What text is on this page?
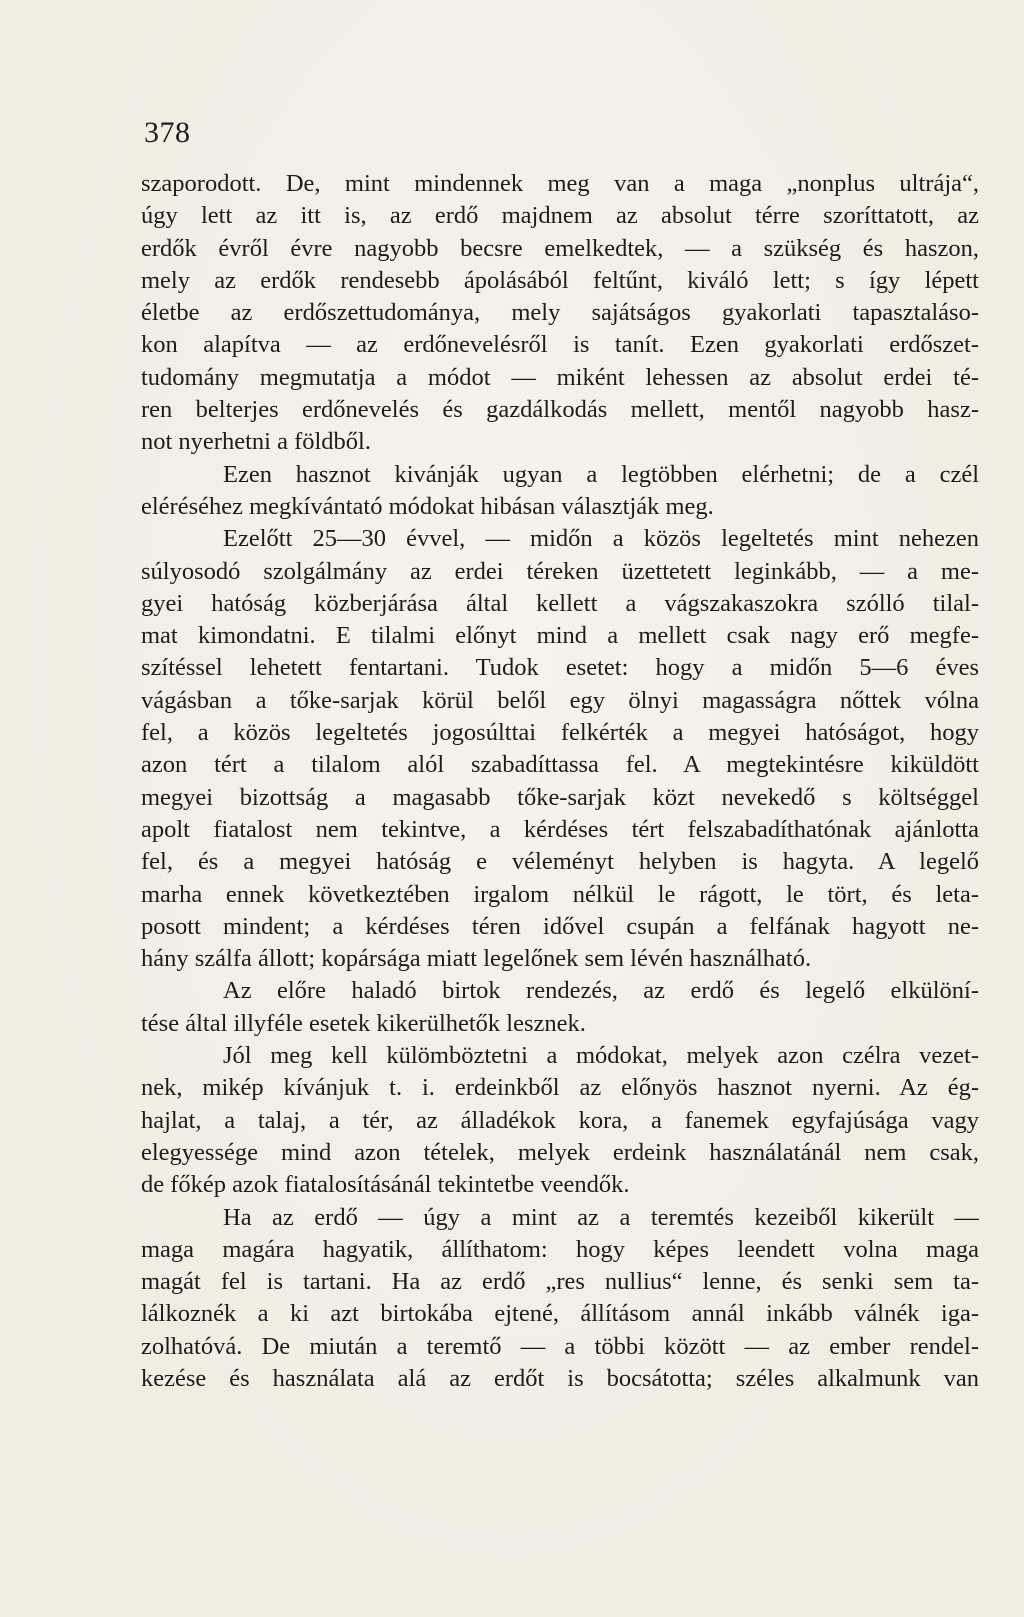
378
szaporodott. De, mint mindennek meg van a maga „nonplus ultrája“,
úgy lett az itt is, az erdő majdnem az absolut térre szoríttatott, az
erdők évről évre nagyobb becsre emelkedtek, — a szükség és haszon,
mely az erdők rendesebb ápolásából feltűnt, kiváló lett; s így lépett
életbe az erdőszettudománya, mely sajátságos gyakorlati tapasztaláso-
kon alapítva — az erdőnevelésről is tanít. Ezen gyakorlati erdőszet-
tudomány megmutatja a módot — miként lehessen az absolut erdei té-
ren belterjes erdőnevelés és gazdálkodás mellett, mentől nagyobb hasz-
not nyerhetni a földből.
Ezen hasznot kivánják ugyan a legtöbben elérhetni; de a czél
eléréséhez megkívántató módokat hibásan választják meg.
Ezelőtt 25—30 évvel, — midőn a közös legeltetés mint nehezen
súlyosodó szolgálmány az erdei téreken üzettetett leginkább, — a me-
gyei hatóság közberjárása által kellett a vágszakaszokra szólló tilal-
mat kimondatni. E tilalmi előnyt mind a mellett csak nagy erő megfe-
szítéssel lehetett fentartani. Tudok esetet: hogy a midőn 5—6 éves
vágásban a tőke-sarjak körül belől egy ölnyi magasságra nőttek vólna
fel, a közös legeltetés jogosúlttai felkérték a megyei hatóságot, hogy
azon tért a tilalom alól szabadíttassa fel. A megtekintésre kiküldött
megyei bizottság a magasabb tőke-sarjak közt nevekedő s költséggel
apolt fiatalost nem tekintve, a kérdéses tért felszabadíthatónak ajánlotta
fel, és a megyei hatóság e véleményt helyben is hagyta. A legelő
marha ennek következtében irgalom nélkül le rágott, le tört, és leta-
posott mindent; a kérdéses téren idővel csupán a felfának hagyott ne-
hány szálfa állott; kopársága miatt legelőnek sem lévén használható.
Az előre haladó birtok rendezés, az erdő és legelő elkülöní-
tése által illyféle esetek kikerülhetők lesznek.
Jól meg kell külömböztetni a módokat, melyek azon czélra vezet-
nek, mikép kívánjuk t. i. erdeinkből az előnyös hasznot nyerni. Az ég-
hajlat, a talaj, a tér, az álladékok kora, a fanemek egyfajúsága vagy
elegyessége mind azon tételek, melyek erdeink használatánál nem csak,
de főkép azok fiatalosításánál tekintetbe veendők.
Ha az erdő — úgy a mint az a teremtés kezeiből kikerült —
maga magára hagyatik, állíthatom: hogy képes leendett volna maga
magát fel is tartani. Ha az erdő „res nullius“ lenne, és senki sem ta-
lálkoznék a ki azt birtokába ejtené, állításom annál inkább válnék iga-
zolhatóvá. De miután a teremtő — a többi között — az ember rendel-
kezése és használata alá az erdőt is bocsátotta; széles alkalmunk van
